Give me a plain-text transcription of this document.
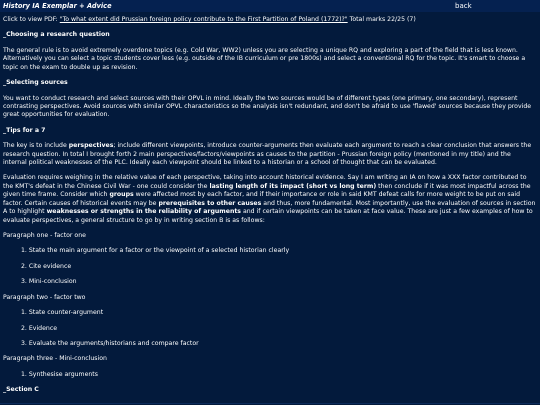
History IA Exemplar + Advice	back

Click to view PDF: "To what extent did Prussian foreign policy contribute to the First Partition of Poland (1772)?" Total marks 22/25 (7)

_Choosing a research question

The general rule is to avoid extremely overdone topics (e.g. Cold War, WW2) unless you are selecting a unique RQ and exploring a part of the field that is less known. Alternatively you can select a topic students cover less (e.g. outside of the IB curriculum or pre 1800s) and select a conventional RQ for the topic. It's smart to choose a topic on the exam to double up as revision.

_Selecting sources

You want to conduct research and select sources with their OPVL in mind. Ideally the two sources would be of different types (one primary, one secondary), represent contrasting perspectives. Avoid sources with similar OPVL characteristics so the analysis isn't redundant, and don't be afraid to use 'flawed' sources because they provide great opportunities for evaluation.

_Tips for a 7

The key is to include perspectives; include different viewpoints, introduce counter-arguments then evaluate each argument to reach a clear conclusion that answers the research question. In total I brought forth 2 main perspectives/factors/viewpoints as causes to the partition - Prussian foreign policy (mentioned in my title) and the internal political weaknesses of the PLC. Ideally each viewpoint should be linked to a historian or a school of thought that can be evaluated.

Evaluation requires weighing in the relative value of each perspective, taking into account historical evidence. Say I am writing an IA on how a XXX factor contributed to the KMT's defeat in the Chinese Civil War - one could consider the lasting length of its impact (short vs long term) then conclude if it was most impactful across the given time frame. Consider which groups were affected most by each factor, and if their importance or role in said KMT defeat calls for more weight to be put on said factor. Certain causes of historical events may be prerequisites to other causes and thus, more fundamental. Most importantly, use the evaluation of sources in section A to highlight weaknesses or strengths in the reliability of arguments and if certain viewpoints can be taken at face value. These are just a few examples of how to evaluate perspectives, a general structure to go by in writing section B is as follows:

Paragraph one - factor one

1. State the main argument for a factor or the viewpoint of a selected historian clearly

2. Cite evidence

3. Mini-conclusion

Paragraph two - factor two

1. State counter-argument

2. Evidence

3. Evaluate the arguments/historians and compare factor

Paragraph three - Mini-conclusion

1. Synthesise arguments

_Section C
